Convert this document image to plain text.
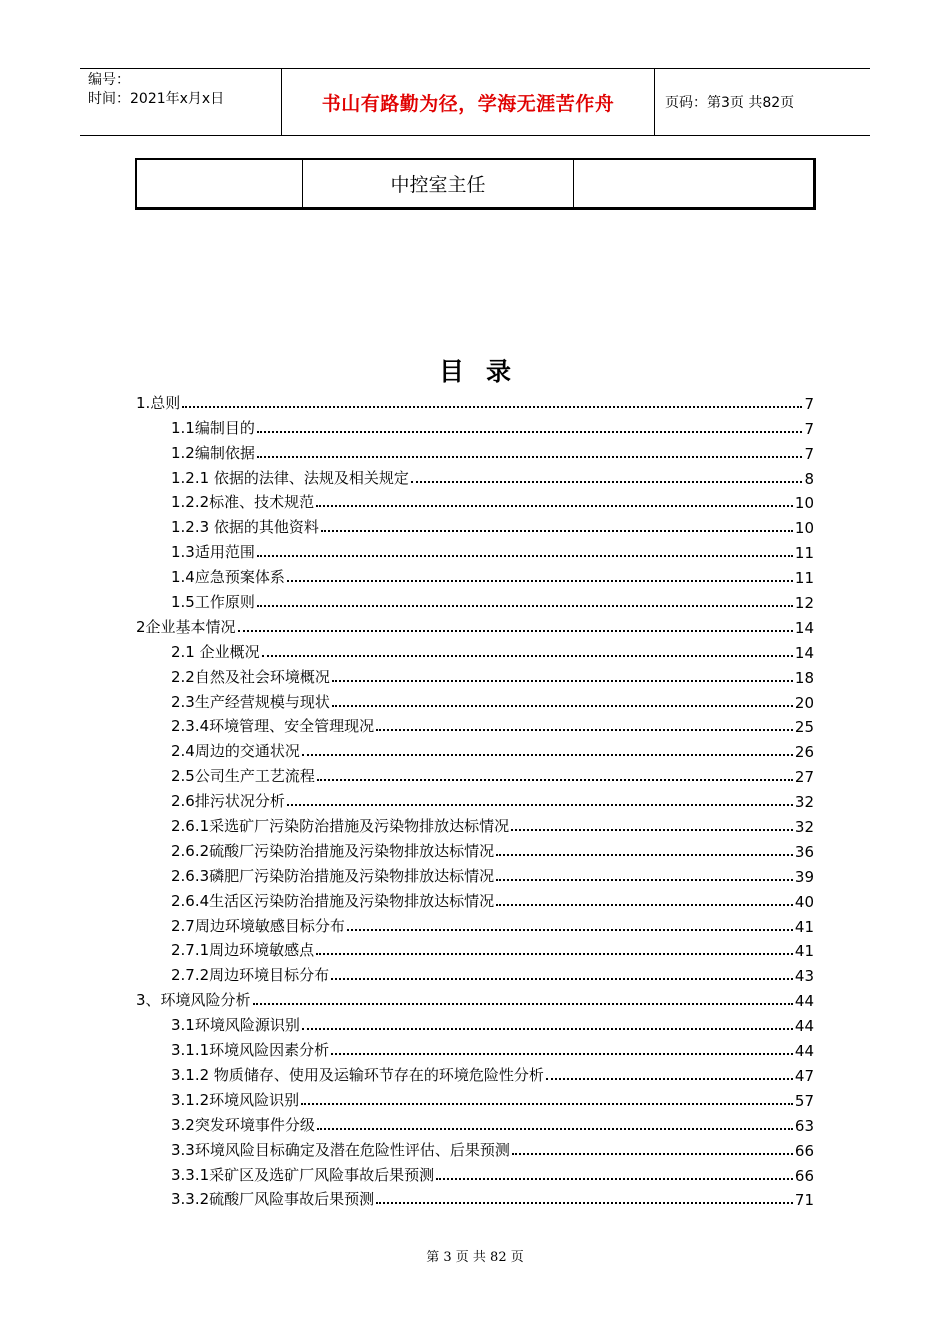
编号：
时间：2021年x月x日	书山有路勤为径，学海无涯苦作舟	页码：第3页 共82页
中控室主任
目录
1.总则	7
1.1编制目的	7
1.2编制依据	7
1.2.1 依据的法律、法规及相关规定	8
1.2.2标准、技术规范	10
1.2.3 依据的其他资料	10
1.3适用范围	11
1.4应急预案体系	11
1.5工作原则	12
2企业基本情况	14
2.1 企业概况	14
2.2自然及社会环境概况	18
2.3生产经营规模与现状	20
2.3.4环境管理、安全管理现况	25
2.4周边的交通状况	26
2.5公司生产工艺流程	27
2.6排污状况分析	32
2.6.1采选矿厂污染防治措施及污染物排放达标情况	32
2.6.2硫酸厂污染防治措施及污染物排放达标情况	36
2.6.3磷肥厂污染防治措施及污染物排放达标情况	39
2.6.4生活区污染防治措施及污染物排放达标情况	40
2.7周边环境敏感目标分布	41
2.7.1周边环境敏感点	41
2.7.2周边环境目标分布	43
3、环境风险分析	44
3.1环境风险源识别	44
3.1.1环境风险因素分析	44
3.1.2 物质储存、使用及运输环节存在的环境危险性分析	47
3.1.2环境风险识别	57
3.2突发环境事件分级	63
3.3环境风险目标确定及潜在危险性评估、后果预测	66
3.3.1采矿区及选矿厂风险事故后果预测	66
3.3.2硫酸厂风险事故后果预测	71
第 3 页 共 82 页
